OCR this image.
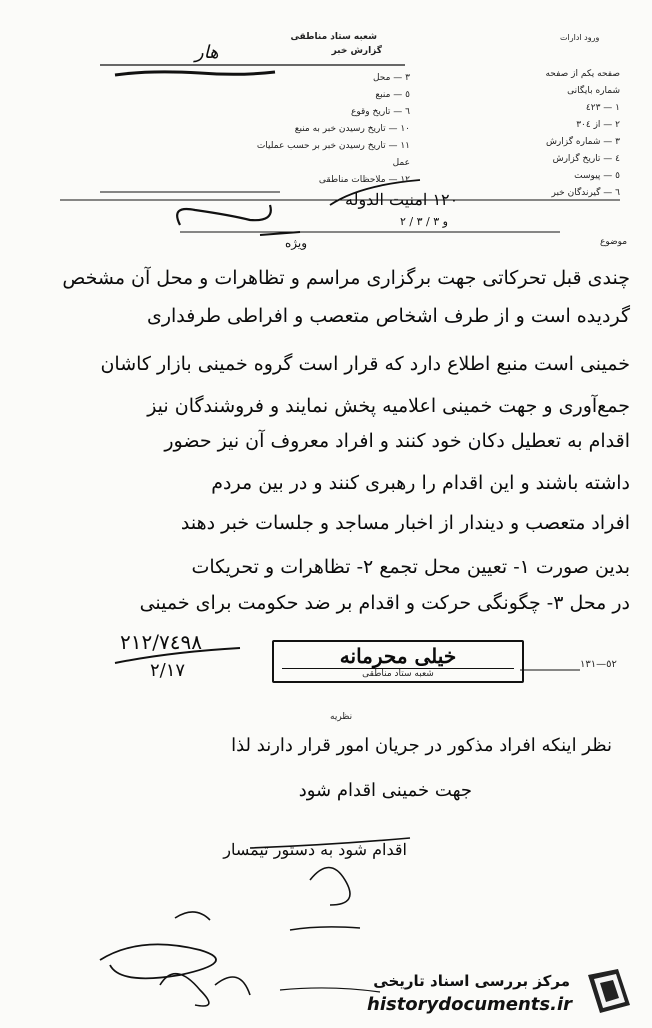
شعبه ستاد مناطقی
گزارش خبر
ورود ادارات
هار
٣ — محل
٥ — منبع
٦ — تاریخ وقوع
١٠ — تاریخ رسیدن خبر به منبع
١١ — تاریخ رسیدن خبر بر حسب عملیات
عمل
١٢ — ملاحظات مناطقی
صفحه یکم از صفحه
شماره بایگانی
١ — ٤٢٣
٢ — از ٣٠٤
٣ — شماره گزارش
٤ — تاریخ گزارش
٥ — پیوست
٦ — گیرندگان خبر
١٢٠ امنیت الدوله
و ٣ / ٣ / ٢
موضوع
ویژه
چندی قبل تحرکاتی جهت برگزاری مراسم و تظاهرات و محل آن مشخص
گردیده است و از طرف اشخاص متعصب و افراطی طرفداری
خمینی است منبع اطلاع دارد که قرار است گروه خمینی بازار کاشان
جمع‌آوری و جهت خمینی اعلامیه پخش نمایند و فروشندگان نیز
اقدام به تعطیل دکان خود کنند و افراد معروف آن نیز حضور
داشته باشند و این اقدام را رهبری کنند و در بین مردم
افراد متعصب و دیندار از اخبار مساجد و جلسات خبر دهند
بدین صورت ١- تعیین محل تجمع ٢- تظاهرات و تحریکات
در محل ٣- چگونگی حرکت و اقدام بر ضد حکومت برای خمینی
٢١٢/٧٤٩٨
٢/١٧
خیلی محرمانه
شعبه ستاد مناطقی
٥٢—١٣١
نظریه
نظر اینکه افراد مذکور در جریان امور قرار دارند لذا
جهت خمینی اقدام شود
اقدام شود به دستور تیمسار
مرکز بررسی اسناد تاریخی
historydocuments.ir
